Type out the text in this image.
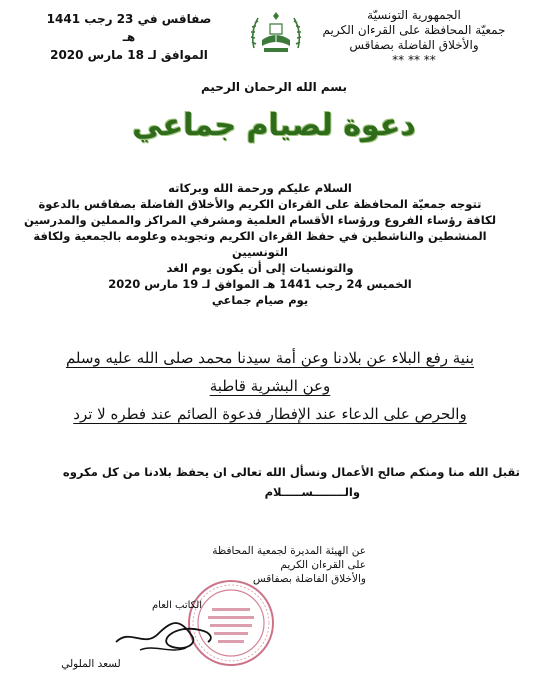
الجمهورية التونسيّة
جمعيّة المحافظة على القرءان الكريم
والأخلاق الفاضلة بصفاقس
** ** **
صفاقس في 23 رجب 1441 هـ
الموافق لـ 18 مارس 2020
بسم الله الرحمان الرحيم
دعوة لصيام جماعي

السلام عليكم ورحمة الله وبركاته

تتوجه جمعيّة المحافظة على القرءان الكريم والأخلاق الفاضلة بصفاقس بالدعوة

لكافة رؤساء الفروع ورؤساء الأقسام العلمية ومشرفي المراكز والمملين والمدرسين

المنشطين والناشطين في حفظ القرءان الكريم وتجويده وعلومه بالجمعية ولكافة التونسيين

والتونسيات إلى أن يكون يوم الغد

الخميس 24 رجب 1441 هـ الموافق لـ 19 مارس 2020

يوم صيام جماعي

بنية رفع البلاء عن بلادنا وعن أمة سيدنا محمد صلى الله عليه وسلم

وعن البشرية قاطبة

والحرص على الدعاء عند الإفطار فدعوة الصائم عند فطره لا ترد

تقبل الله منا ومنكم صالح الأعمال ونسأل الله تعالى ان يحفظ بلادنا من كل مكروه

والــــــــســـــلام

عن الهيئة المديرة لجمعية المحافظة على القرءان الكريم
والأخلاق الفاضلة بصفاقس
الكاتب العام
لسعد الملولي
